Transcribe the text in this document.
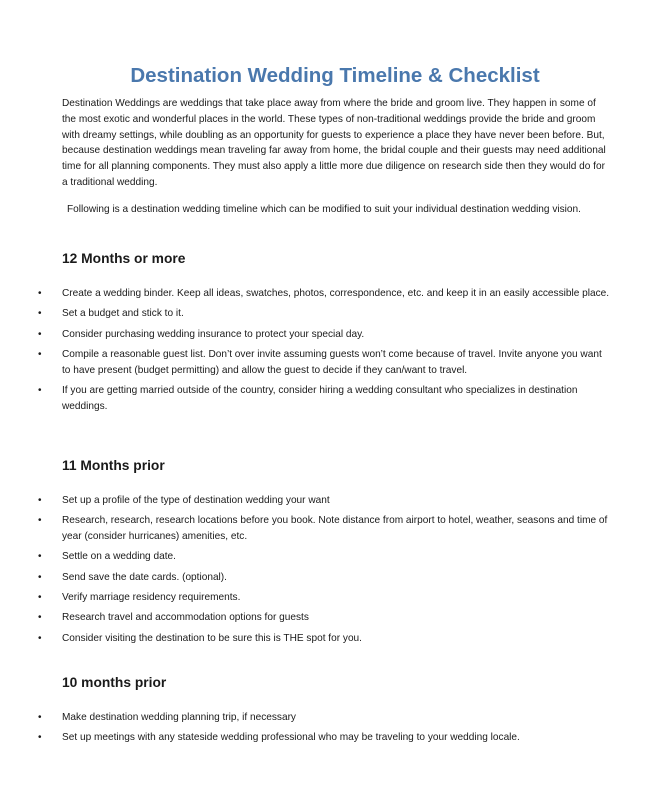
Destination Wedding Timeline & Checklist

Destination Weddings are weddings that take place away from where the bride and groom live. They happen in some of the most exotic and wonderful places in the world. These types of non-traditional weddings provide the bride and groom with dreamy settings, while doubling as an opportunity for guests to experience a place they have never been before. But, because destination weddings mean traveling far away from home, the bridal couple and their guests may need additional time for all planning components. They must also apply a little more due diligence on research side then they would do for a traditional wedding.

Following is a destination wedding timeline which can be modified to suit your individual destination wedding vision.

12 Months or more
• Create a wedding binder. Keep all ideas, swatches, photos, correspondence, etc. and keep it in an easily accessible place.
• Set a budget and stick to it.
• Consider purchasing wedding insurance to protect your special day.
• Compile a reasonable guest list. Don’t over invite assuming guests won’t come because of travel. Invite anyone you want to have present (budget permitting) and allow the guest to decide if they can/want to travel.
• If you are getting married outside of the country, consider hiring a wedding consultant who specializes in destination weddings.
11 Months prior
• Set up a profile of the type of destination wedding your want
• Research, research, research locations before you book. Note distance from airport to hotel, weather, seasons and time of year (consider hurricanes) amenities, etc.
• Settle on a wedding date.
• Send save the date cards. (optional).
• Verify marriage residency requirements.
• Research travel and accommodation options for guests
• Consider visiting the destination to be sure this is THE spot for you.
10 months prior
• Make destination wedding planning trip, if necessary
• Set up meetings with any stateside wedding professional who may be traveling to your wedding locale.
